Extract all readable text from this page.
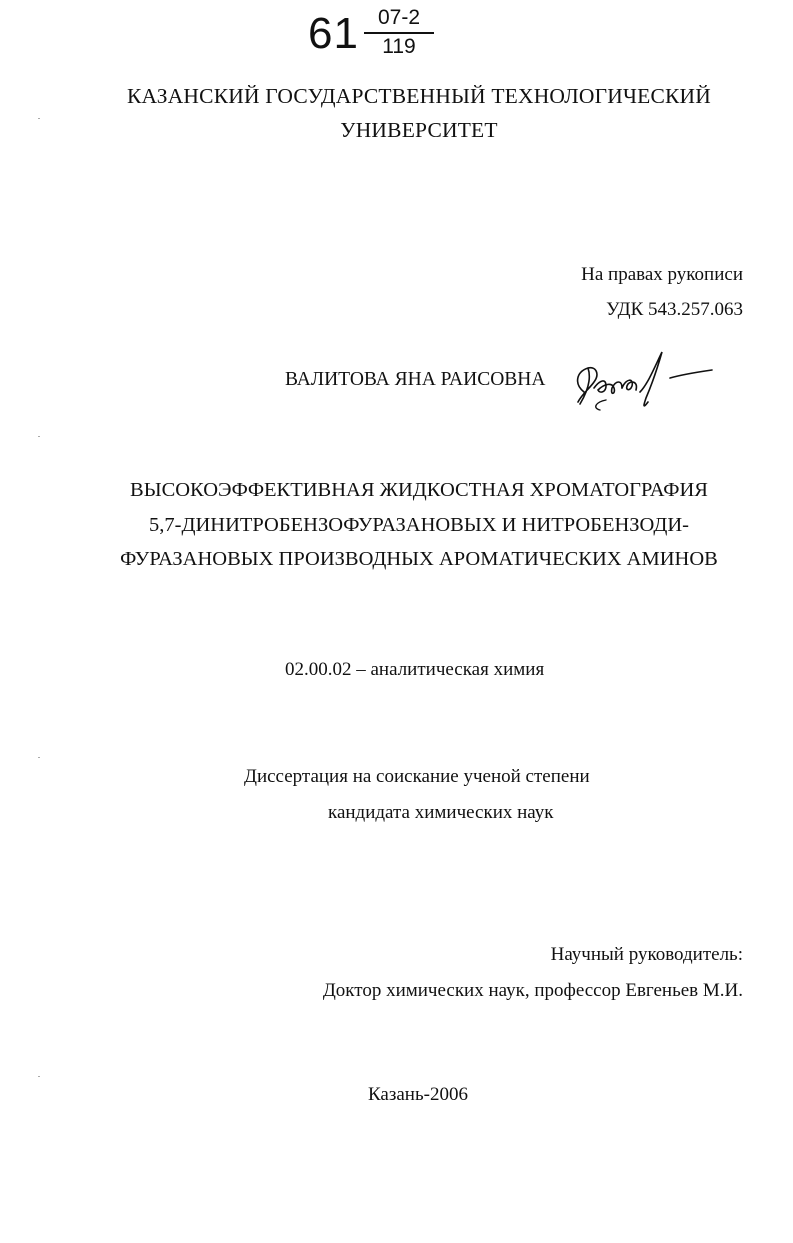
61 07-2
119
КАЗАНСКИЙ ГОСУДАРСТВЕННЫЙ ТЕХНОЛОГИЧЕСКИЙ
УНИВЕРСИТЕТ
На правах рукописи
УДК 543.257.063
ВАЛИТОВА ЯНА РАИСОВНА
ВЫСОКОЭФФЕКТИВНАЯ ЖИДКОСТНАЯ ХРОМАТОГРАФИЯ
5,7-ДИНИТРОБЕНЗОФУРАЗАНОВЫХ И НИТРОБЕНЗОДИ-
ФУРАЗАНОВЫХ ПРОИЗВОДНЫХ АРОМАТИЧЕСКИХ АМИНОВ
02.00.02 – аналитическая химия
Диссертация на соискание ученой степени
кандидата химических наук
Научный руководитель:
Доктор химических наук, профессор Евгеньев М.И.
Казань-2006
